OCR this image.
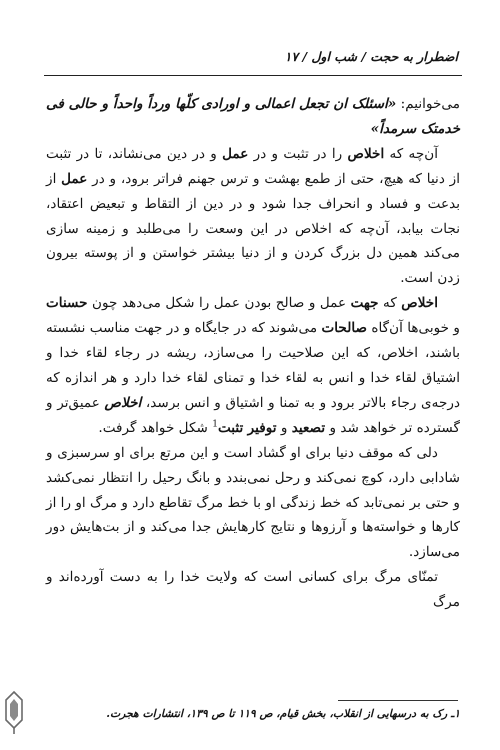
اضطرار به حجت / شب اول / ۱۷

می‌خوانیم: «اسئلک ان تجعل اعمالی و اورادی کلّها ورداً واحداً و حالی فی خدمتک سرمداً»

آن‌چه که اخلاص را در تثبت و در عمل و در دین می‌نشاند، تا در تثبت از دنیا که هیچ، حتی از طمع بهشت و ترس جهنم فراتر برود، و در عمل از بدعت و فساد و انحراف جدا شود و در دین از التقاط و تبعیض اعتقاد، نجات بیابد، آن‌چه که اخلاص در این وسعت را می‌طلبد و زمینه سازی می‌کند همین دل بزرگ کردن و از دنیا بیشتر خواستن و از پوسته بیرون زدن است.

اخلاص که جهت عمل و صالح بودن عمل را شکل می‌دهد چون حسنات و خوبی‌ها آن‌گاه صالحات می‌شوند که در جایگاه و در جهت مناسب نشسته باشند، اخلاص، که این صلاحیت را می‌سازد، ریشه در رجاء لقاء خدا و اشتیاق لقاء خدا و انس به لقاء خدا و تمنای لقاء خدا دارد و هر اندازه که درجه‌ی رجاء بالاتر برود و به تمنا و اشتیاق و انس برسد، اخلاص عمیق‌تر و گسترده تر خواهد شد و تصعید و توفیر تثبت$^1$ شکل خواهد گرفت.

دلی که موقف دنیا برای او گشاد است و این مرتع برای او سرسبزی و شادابی دارد، کوچ نمی‌کند و رحل نمی‌بندد و بانگ رحیل را انتظار نمی‌کشد و حتی بر نمی‌تابد که خط زندگی او با خط مرگ تقاطع دارد و مرگ او را از کارها و خواسته‌ها و آرزوها و نتایج کارهایش جدا می‌کند و از بت‌هایش دور می‌سازد.

تمنّای مرگ برای کسانی است که ولایت خدا را به دست آورده‌اند و مرگ

۱ـ رک به درسهایی از انقلاب، بخش قیام، ص ۱۱۹ تا ص ۱۳۹، انتشارات هجرت.
